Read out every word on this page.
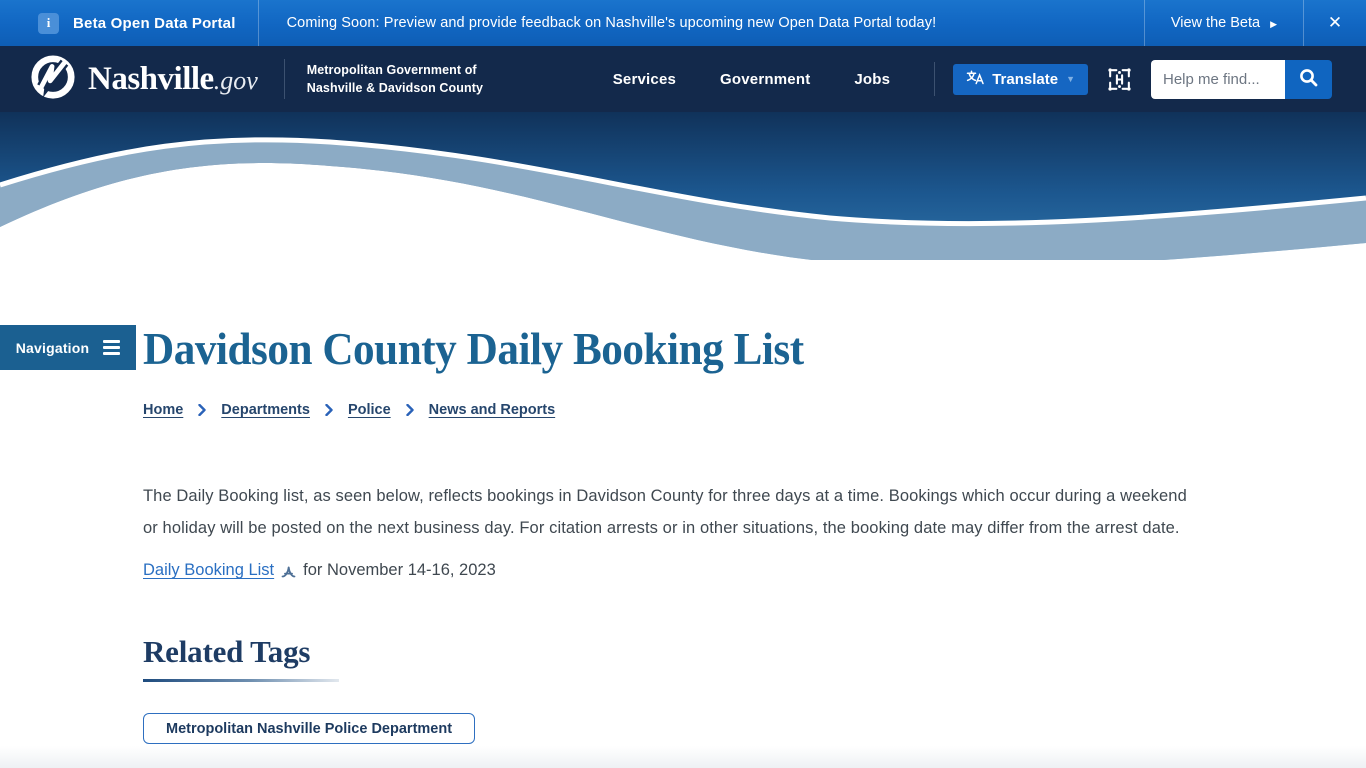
i	Beta Open Data Portal	Coming Soon: Preview and provide feedback on Nashville's upcoming new Open Data Portal today!	View the Beta ▶	✕
Nashville.gov	Metropolitan Government of
Nashville & Davidson County
Services	Government	Jobs	Translate ▼
Help me find...
Navigation Davidson County Daily Booking List
Home	Departments	Police	News and Reports

The Daily Booking list, as seen below, reflects bookings in Davidson County for three days at a time. Bookings which occur during a weekend or holiday will be posted on the next business day. For citation arrests or in other situations, the booking date may differ from the arrest date.

Daily Booking List for November 14-16, 2023
Related Tags
Metropolitan Nashville Police Department
